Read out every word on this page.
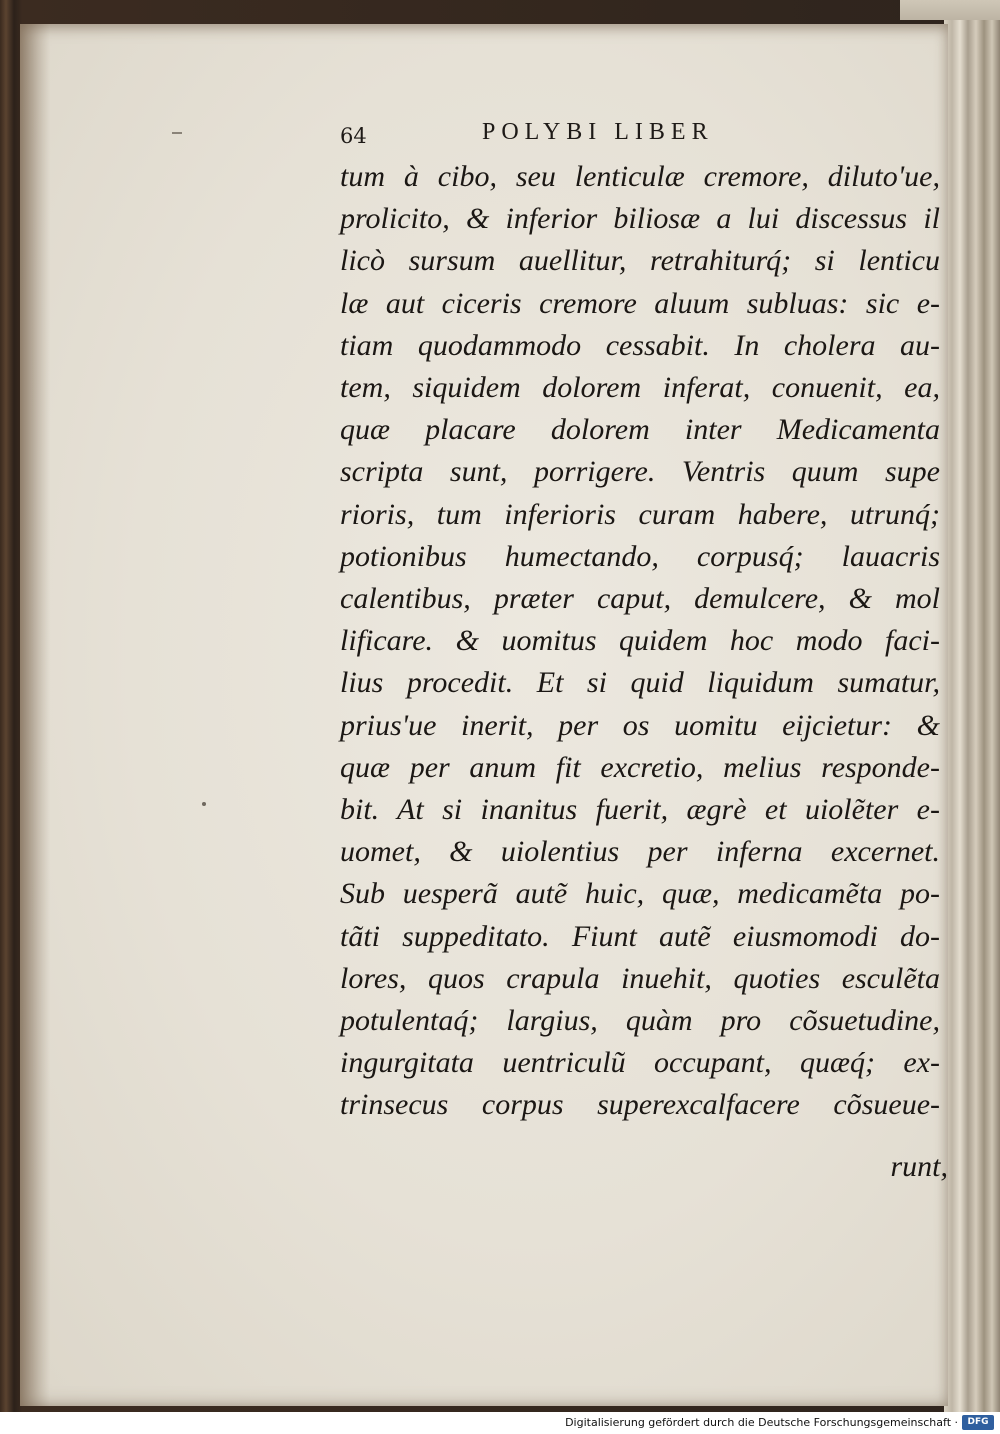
64	POLYBI LIBER
tum à cibo, seu lenticulæ cremore, diluto'ue,
prolicito, & inferior biliosæ a lui discessus il
licò sursum auellitur, retrahiturq́; si lenticu
læ aut ciceris cremore aluum subluas: sic e-
tiam quodammodo cessabit. In cholera au-
tem, siquidem dolorem inferat, conuenit, ea,
quæ placare dolorem inter Medicamenta
scripta sunt, porrigere. Ventris quum supe
rioris, tum inferioris curam habere, utrunq́;
potionibus humectando, corpusq́; lauacris
calentibus, præter caput, demulcere, & mol
lificare. & uomitus quidem hoc modo faci-
lius procedit. Et si quid liquidum sumatur,
prius'ue inerit, per os uomitu eijcietur: &
quæ per anum fit excretio, melius responde-
bit. At si inanitus fuerit, ægrè et uiolẽter e-
uomet, & uiolentius per inferna excernet.
Sub uesperã autẽ huic, quæ, medicamẽta po-
tãti suppeditato. Fiunt autẽ eiusmomodi do-
lores, quos crapula inuehit, quoties esculẽta
potulentaq́; largius, quàm pro cõsuetudine,
ingurgitata uentriculũ occupant, quæq́; ex-
trinsecus corpus superexcalfacere cõsueue-
runt,
Digitalisierung gefördert durch die Deutsche Forschungsgemeinschaft ·	DFG
